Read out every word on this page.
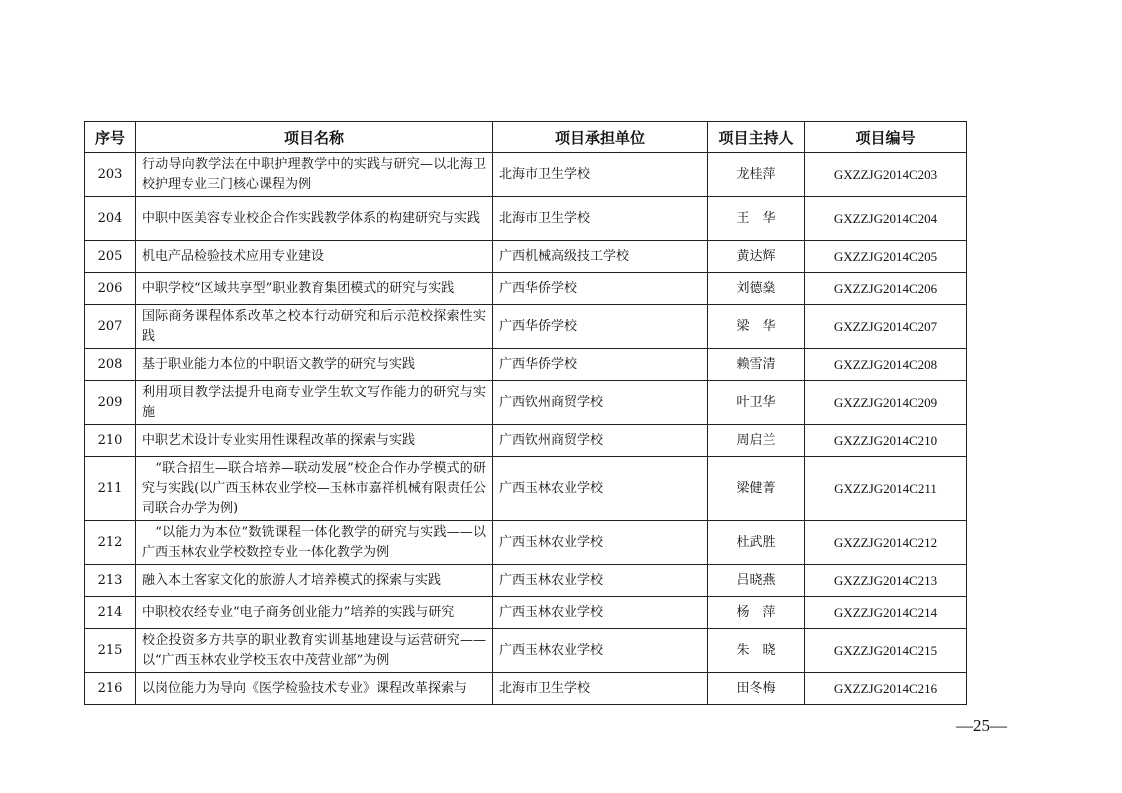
序号	项目名称	项目承担单位	项目主持人	项目编号
203	行动导向教学法在中职护理教学中的实践与研究—以北海卫校护理专业三门核心课程为例	北海市卫生学校	龙桂萍	GXZZJG2014C203
204	中职中医美容专业校企合作实践教学体系的构建研究与实践	北海市卫生学校	王　华	GXZZJG2014C204
205	机电产品检验技术应用专业建设	广西机械高级技工学校	黄达辉	GXZZJG2014C205
206	中职学校“区域共享型”职业教育集团模式的研究与实践	广西华侨学校	刘德燊	GXZZJG2014C206
207	国际商务课程体系改革之校本行动研究和后示范校探索性实践	广西华侨学校	梁　华	GXZZJG2014C207
208	基于职业能力本位的中职语文教学的研究与实践	广西华侨学校	赖雪清	GXZZJG2014C208
209	利用项目教学法提升电商专业学生软文写作能力的研究与实施	广西钦州商贸学校	叶卫华	GXZZJG2014C209
210	中职艺术设计专业实用性课程改革的探索与实践	广西钦州商贸学校	周启兰	GXZZJG2014C210
211	　“联合招生—联合培养—联动发展”校企合作办学模式的研究与实践(以广西玉林农业学校—玉林市嘉祥机械有限责任公司联合办学为例)	广西玉林农业学校	梁健菁	GXZZJG2014C211
212	　“以能力为本位”数铣课程一体化教学的研究与实践——以广西玉林农业学校数控专业一体化教学为例	广西玉林农业学校	杜武胜	GXZZJG2014C212
213	融入本土客家文化的旅游人才培养模式的探索与实践	广西玉林农业学校	吕晓燕	GXZZJG2014C213
214	中职校农经专业“电子商务创业能力”培养的实践与研究	广西玉林农业学校	杨　萍	GXZZJG2014C214
215	校企投资多方共享的职业教育实训基地建设与运营研究——以“广西玉林农业学校玉农中茂营业部”为例	广西玉林农业学校	朱　晓	GXZZJG2014C215
216	以岗位能力为导向《医学检验技术专业》课程改革探索与	北海市卫生学校	田冬梅	GXZZJG2014C216
—25—
